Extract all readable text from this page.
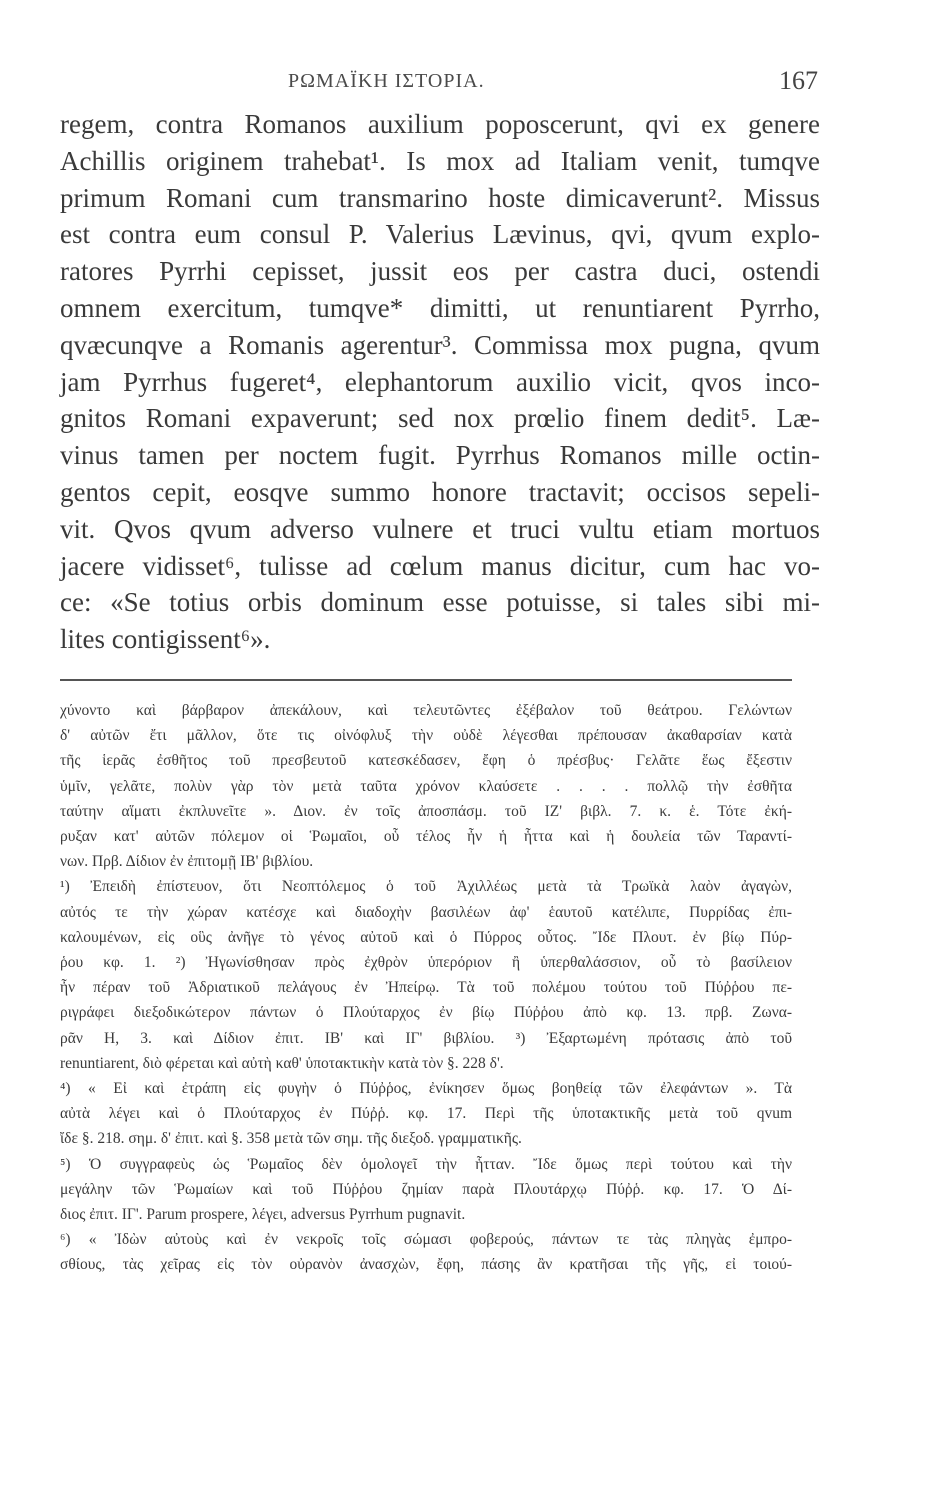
ΡΩΜΑΪΚΗ ΙΣΤΟΡΙΑ.	167
regem, contra Romanos auxilium poposcerunt, qvi ex genere
Achillis originem trahebat¹. Is mox ad Italiam venit, tumqve
primum Romani cum transmarino hoste dimicaverunt². Missus
est contra eum consul P. Valerius Lævinus, qvi, qvum explo-
ratores Pyrrhi cepisset, jussit eos per castra duci, ostendi
omnem exercitum, tumqve* dimitti, ut renuntiarent Pyrrho,
qvæcunqve a Romanis agerentur³. Commissa mox pugna, qvum
jam Pyrrhus fugeret⁴, elephantorum auxilio vicit, qvos inco-
gnitos Romani expaverunt; sed nox prœlio finem dedit⁵. Læ-
vinus tamen per noctem fugit. Pyrrhus Romanos mille octin-
gentos cepit, eosqve summo honore tractavit; occisos sepeli-
vit. Qvos qvum adverso vulnere et truci vultu etiam mortuos
jacere vidisset⁶, tulisse ad cœlum manus dicitur, cum hac vo-
ce: «Se totius orbis dominum esse potuisse, si tales sibi mi-
lites contigissent⁶».
χύνοντο καὶ βάρβαρον ἀπεκάλουν, καὶ τελευτῶντες ἐξέβαλον τοῦ θεάτρου. Γελώντων
δ' αὐτῶν ἔτι μᾶλλον, ὅτε τις οἰνόφλυξ τὴν οὐδὲ λέγεσθαι πρέπουσαν ἀκαθαρσίαν κατὰ
τῆς ἱερᾶς ἐσθῆτος τοῦ πρεσβευτοῦ κατεσκέδασεν, ἔφη ὁ πρέσβυς· Γελᾶτε ἕως ἔξεστιν
ὑμῖν, γελᾶτε, πολὺν γὰρ τὸν μετὰ ταῦτα χρόνον κλαύσετε . . . . πολλῷ τὴν ἐσθῆτα
ταύτην αἵματι ἐκπλυνεῖτε ». Διον. ἐν τοῖς ἀποσπάσμ. τοῦ ΙΖ' βιβλ. 7. κ. ἑ. Τότε ἐκή-
ρυξαν κατ' αὐτῶν πόλεμον οἱ Ῥωμαῖοι, οὗ τέλος ἦν ἡ ἧττα καὶ ἡ δουλεία τῶν Ταραντί-
νων. Πρβ. Δίδιον ἐν ἐπιτομῇ ΙΒ' βιβλίου.
¹) Ἐπειδὴ ἐπίστευον, ὅτι Νεοπτόλεμος ὁ τοῦ Ἀχιλλέως μετὰ τὰ Τρωϊκὰ λαὸν ἀγαγὼν,
αὐτός τε τὴν χώραν κατέσχε καὶ διαδοχὴν βασιλέων ἀφ' ἑαυτοῦ κατέλιπε, Πυρρίδας ἐπι-
καλουμένων, εἰς οὓς ἀνῆγε τὸ γένος αὐτοῦ καὶ ὁ Πύρρος οὗτος. Ἴδε Πλουτ. ἐν βίῳ Πύρ-
ῥου κφ. 1. ²) Ἠγωνίσθησαν πρὸς ἐχθρὸν ὑπερόριον ἢ ὑπερθαλάσσιον, οὗ τὸ βασίλειον
ἦν πέραν τοῦ Ἀδριατικοῦ πελάγους ἐν Ἠπείρῳ. Τὰ τοῦ πολέμου τούτου τοῦ Πύῤῥου πε-
ριγράφει διεξοδικώτερον πάντων ὁ Πλούταρχος ἐν βίῳ Πύῤῥου ἀπὸ κφ. 13. πρβ. Ζωνα-
ρᾶν Η, 3. καὶ Δίδιον ἐπιτ. ΙΒ' καὶ ΙΓ' βιβλίου. ³) Ἐξαρτωμένη πρότασις ἀπὸ τοῦ
renuntiarent, διὸ φέρεται καὶ αὐτὴ καθ' ὑποτακτικὴν κατὰ τὸν §. 228 δ'.
⁴) « Εἰ καὶ ἐτράπη εἰς φυγὴν ὁ Πύῤῥος, ἐνίκησεν ὅμως βοηθείᾳ τῶν ἐλεφάντων ». Τὰ
αὐτὰ λέγει καὶ ὁ Πλούταρχος ἐν Πύῤῥ. κφ. 17. Περὶ τῆς ὑποτακτικῆς μετὰ τοῦ qvum
ἴδε §. 218. σημ. δ' ἐπιτ. καὶ §. 358 μετὰ τῶν σημ. τῆς διεξοδ. γραμματικῆς.
⁵) Ὁ συγγραφεὺς ὡς Ῥωμαῖος δὲν ὁμολογεῖ τὴν ἧτταν. Ἴδε ὅμως περὶ τούτου καὶ τὴν
μεγάλην τῶν Ῥωμαίων καὶ τοῦ Πύῤῥου ζημίαν παρὰ Πλουτάρχῳ Πύῤῥ. κφ. 17. Ὁ Δί-
διος ἐπιτ. ΙΓ'. Parum prospere, λέγει, adversus Pyrrhum pugnavit.
⁶) « Ἰδὼν αὐτοὺς καὶ ἐν νεκροῖς τοῖς σώμασι φοβερούς, πάντων τε τὰς πληγὰς ἐμπρο-
σθίους, τὰς χεῖρας εἰς τὸν οὐρανὸν ἀνασχὼν, ἔφη, πάσης ἂν κρατῆσαι τῆς γῆς, εἰ τοιού-
